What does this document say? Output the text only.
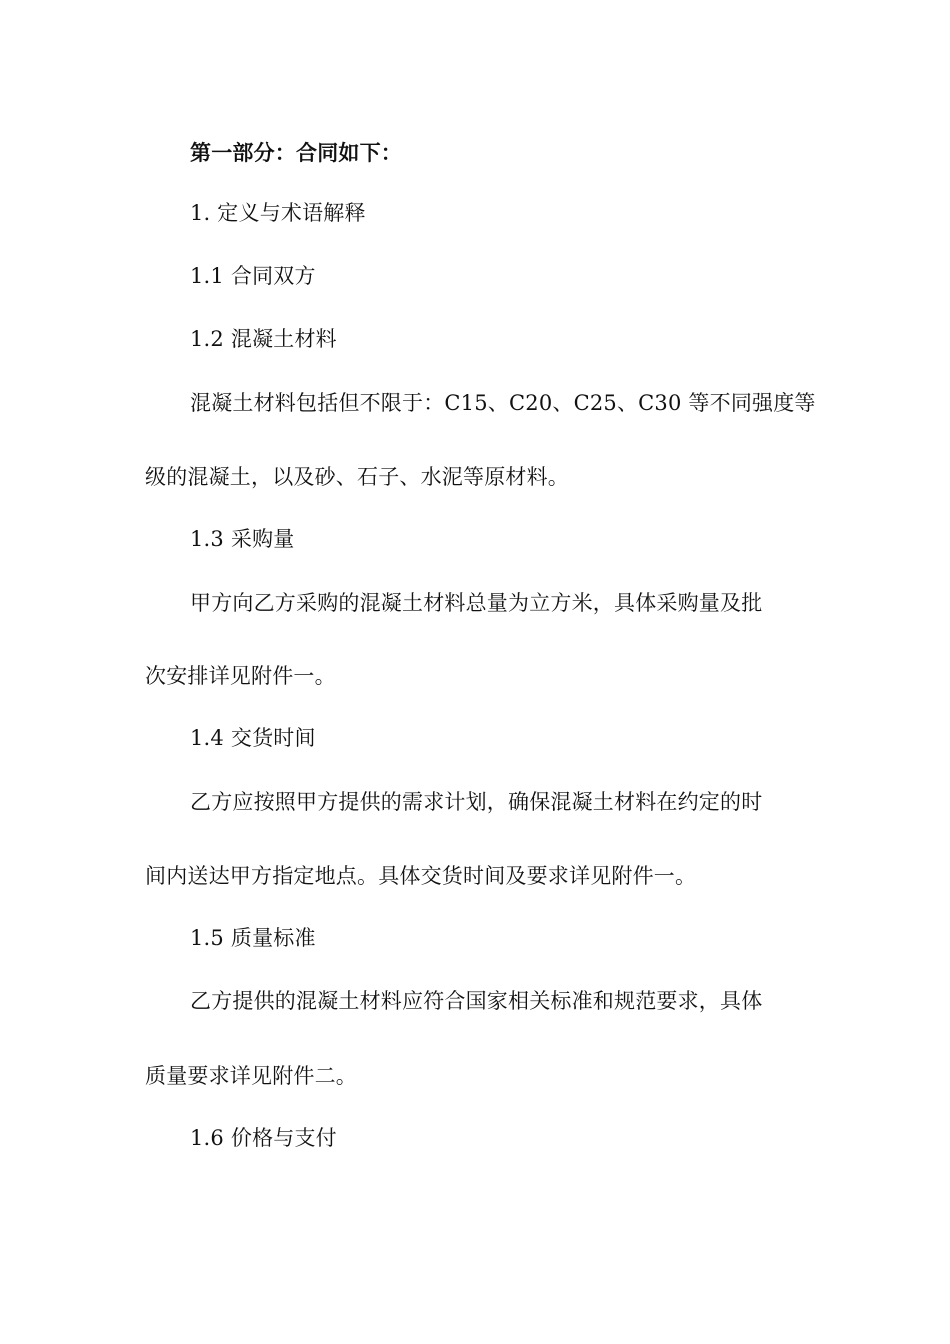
第一部分：合同如下：
1. 定义与术语解释
1.1 合同双方
1.2 混凝土材料
混凝土材料包括但不限于：C15、C20、C25、C30 等不同强度等
级的混凝土，以及砂、石子、水泥等原材料。
1.3 采购量
甲方向乙方采购的混凝土材料总量为立方米，具体采购量及批
次安排详见附件一。
1.4 交货时间
乙方应按照甲方提供的需求计划，确保混凝土材料在约定的时
间内送达甲方指定地点。具体交货时间及要求详见附件一。
1.5 质量标准
乙方提供的混凝土材料应符合国家相关标准和规范要求，具体
质量要求详见附件二。
1.6 价格与支付
